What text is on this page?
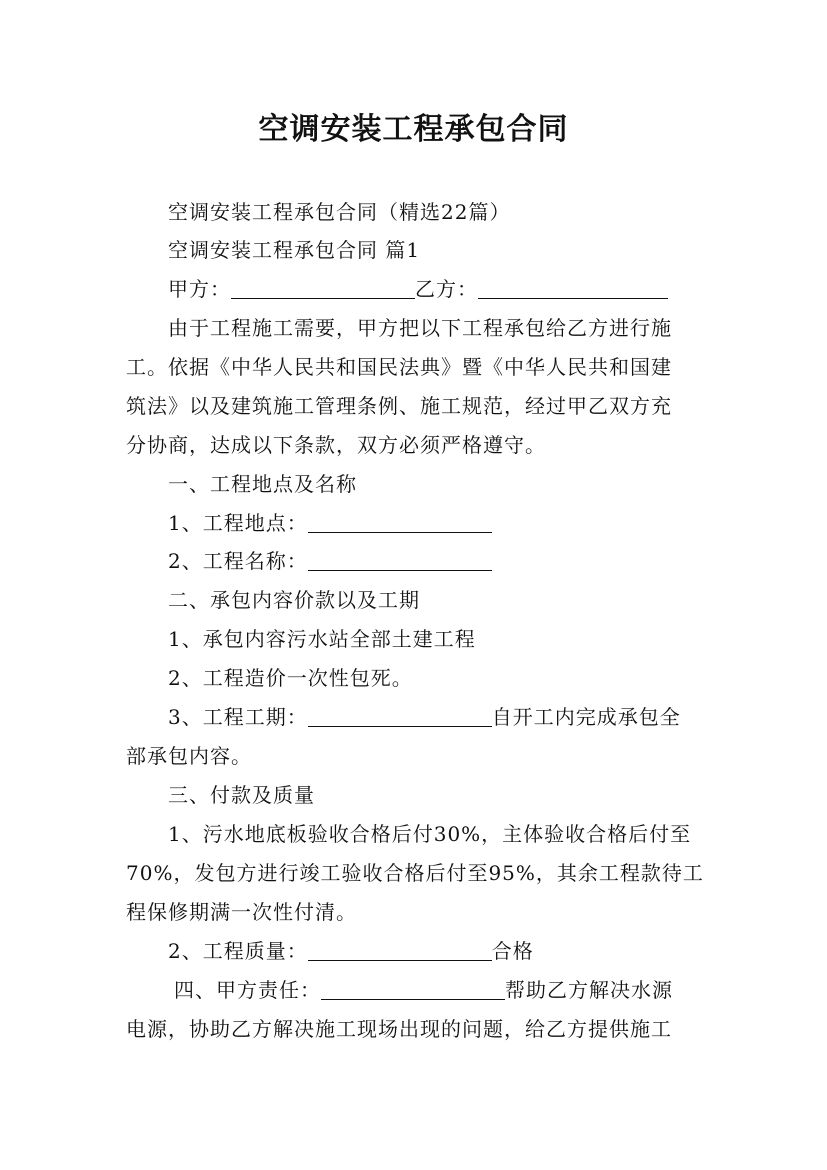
空调安装工程承包合同
空调安装工程承包合同（精选22篇）
空调安装工程承包合同 篇1
甲方：	乙方：
由于工程施工需要，甲方把以下工程承包给乙方进行施
工。依据《中华人民共和国民法典》暨《中华人民共和国建
筑法》以及建筑施工管理条例、施工规范，经过甲乙双方充
分协商，达成以下条款，双方必须严格遵守。
一、工程地点及名称
1、工程地点：
2、工程名称：
二、承包内容价款以及工期
1、承包内容污水站全部土建工程
2、工程造价一次性包死。
3、工程工期：	自开工内完成承包全
部承包内容。
三、付款及质量
1、污水地底板验收合格后付30%，主体验收合格后付至
70%，发包方进行竣工验收合格后付至95%，其余工程款待工
程保修期满一次性付清。
2、工程质量：	合格
四、甲方责任：	帮助乙方解决水源
电源，协助乙方解决施工现场出现的问题，给乙方提供施工
